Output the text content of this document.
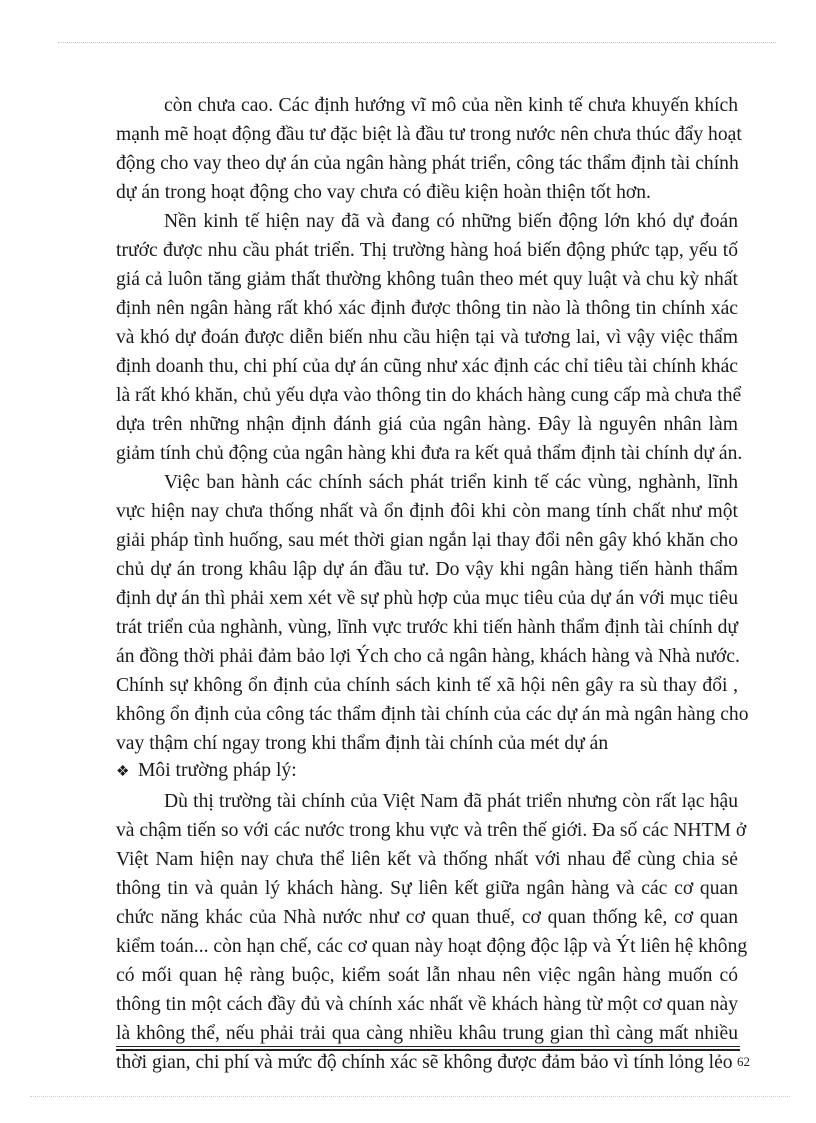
còn chưa cao. Các định hướng vĩ mô của nền kinh tế chưa khuyến khích
mạnh mẽ hoạt động đầu tư đặc biệt là đầu tư trong nước nên chưa thúc đẩy hoạt
động cho vay theo dự án của ngân hàng phát triển, công tác thẩm định tài chính
dự án trong hoạt động cho vay chưa có điều kiện hoàn thiện tốt hơn.
Nền kinh tế hiện nay đã và đang có những biến động lớn khó dự đoán
trước được nhu cầu phát triển. Thị trường hàng hoá biến động phức tạp, yếu tố
giá cả luôn tăng giảm thất thường không tuân theo mét quy luật và chu kỳ nhất
định nên ngân hàng rất khó xác định được thông tin nào là thông tin chính xác
và khó dự đoán được diễn biến nhu cầu hiện tại và tương lai, vì vậy việc thẩm
định doanh thu, chi phí của dự án cũng như xác định các chỉ tiêu tài chính khác
là rất khó khăn, chủ yếu dựa vào thông tin do khách hàng cung cấp mà chưa thể
dựa trên những nhận định đánh giá của ngân hàng. Đây là nguyên nhân làm
giảm tính chủ động của ngân hàng khi đưa ra kết quả thẩm định tài chính dự án.
Việc ban hành các chính sách phát triển kinh tế các vùng, nghành, lĩnh
vực hiện nay chưa thống nhất và ổn định đôi khi còn mang tính chất như một
giải pháp tình huống, sau mét thời gian ngắn lại thay đổi nên gây khó khăn cho
chủ dự án trong khâu lập dự án đầu tư. Do vậy khi ngân hàng tiến hành thẩm
định dự án thì phải xem xét về sự phù hợp của mục tiêu của dự án với mục tiêu
trát triển của nghành, vùng, lĩnh vực trước khi tiến hành thẩm định tài chính dự
án đồng thời phải đảm bảo lợi Ých cho cả ngân hàng, khách hàng và Nhà nước.
Chính sự không ổn định của chính sách kinh tế xã hội nên gây ra sù thay đổi ,
không ổn định của công tác thẩm định tài chính của các dự án mà ngân hàng cho
vay thậm chí ngay trong khi thẩm định tài chính của mét dự án
❖ Môi trường pháp lý:
Dù thị trường tài chính của Việt Nam đã phát triển nhưng còn rất lạc hậu
và chậm tiến so với các nước trong khu vực và trên thế giới. Đa số các NHTM ở
Việt Nam hiện nay chưa thể liên kết và thống nhất với nhau để cùng chia sẻ
thông tin và quản lý khách hàng. Sự liên kết giữa ngân hàng và các cơ quan
chức năng khác của Nhà nước như cơ quan thuế, cơ quan thống kê, cơ quan
kiểm toán... còn hạn chế, các cơ quan này hoạt động độc lập và Ýt liên hệ không
có mối quan hệ ràng buộc, kiểm soát lẫn nhau nên việc ngân hàng muốn có
thông tin một cách đầy đủ và chính xác nhất về khách hàng từ một cơ quan này
là không thể, nếu phải trải qua càng nhiều khâu trung gian thì càng mất nhiều
thời gian, chi phí và mức độ chính xác sẽ không được đảm bảo vì tính lỏng lẻo 62
